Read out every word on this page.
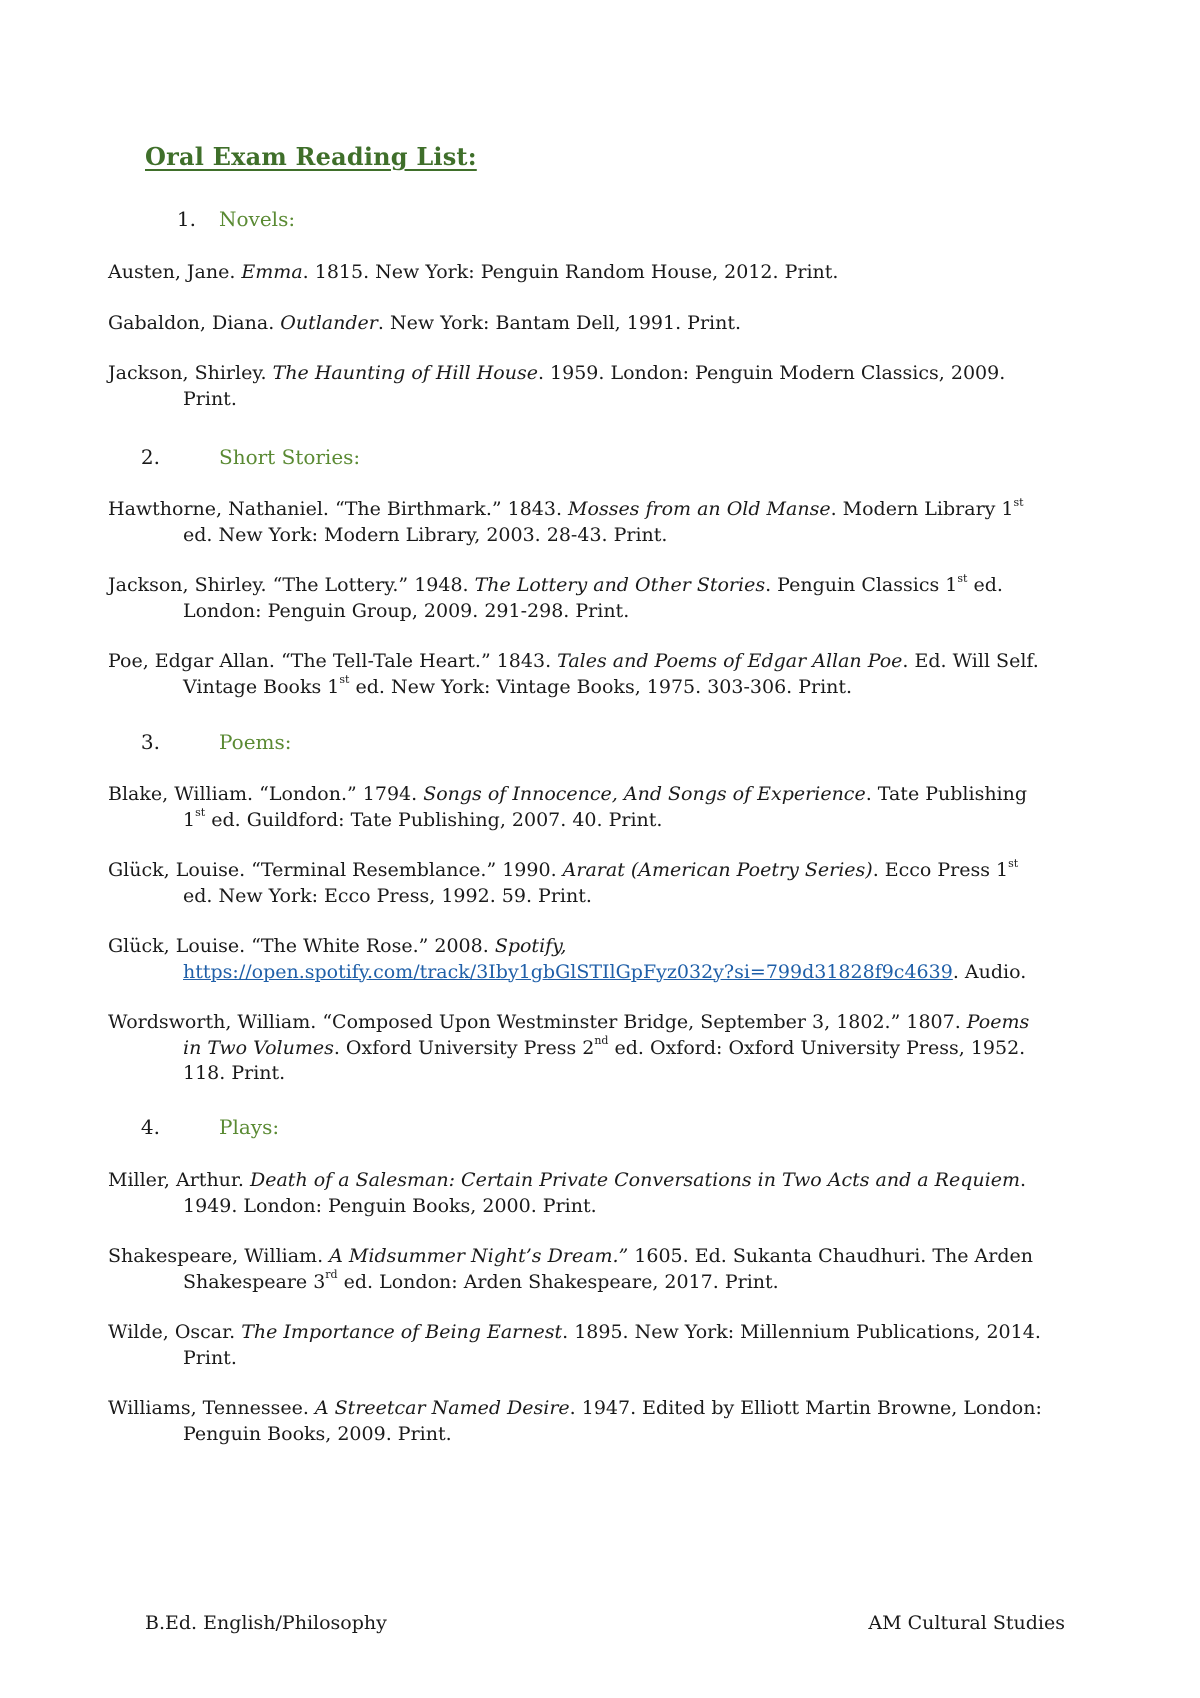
Oral Exam Reading List:
1. Novels:

Austen, Jane. Emma. 1815. New York: Penguin Random House, 2012. Print.

Gabaldon, Diana. Outlander. New York: Bantam Dell, 1991. Print.

Jackson, Shirley. The Haunting of Hill House. 1959. London: Penguin Modern Classics, 2009. Print.

2.	Short Stories:

Hawthorne, Nathaniel. “The Birthmark.” 1843. Mosses from an Old Manse. Modern Library 1st ed. New York: Modern Library, 2003. 28-43. Print.

Jackson, Shirley. “The Lottery.” 1948. The Lottery and Other Stories. Penguin Classics 1st ed. London: Penguin Group, 2009. 291-298. Print.

Poe, Edgar Allan. “The Tell-Tale Heart.” 1843. Tales and Poems of Edgar Allan Poe. Ed. Will Self. Vintage Books 1st ed. New York: Vintage Books, 1975. 303-306. Print.

3.	Poems:

Blake, William. “London.” 1794. Songs of Innocence, And Songs of Experience. Tate Publishing 1st ed. Guildford: Tate Publishing, 2007. 40. Print.

Glück, Louise. “Terminal Resemblance.” 1990. Ararat (American Poetry Series). Ecco Press 1st ed. New York: Ecco Press, 1992. 59. Print.

Glück, Louise. “The White Rose.” 2008. Spotify, https://open.spotify.com/track/3Iby1gbGlSTIlGpFyz032y?si=799d31828f9c4639. Audio.

Wordsworth, William. “Composed Upon Westminster Bridge, September 3, 1802.” 1807. Poems in Two Volumes. Oxford University Press 2nd ed. Oxford: Oxford University Press, 1952. 118. Print.

4.	Plays:

Miller, Arthur. Death of a Salesman: Certain Private Conversations in Two Acts and a Requiem. 1949. London: Penguin Books, 2000. Print.

Shakespeare, William. A Midsummer Night’s Dream.” 1605. Ed. Sukanta Chaudhuri. The Arden Shakespeare 3rd ed. London: Arden Shakespeare, 2017. Print.

Wilde, Oscar. The Importance of Being Earnest. 1895. New York: Millennium Publications, 2014. Print.

Williams, Tennessee. A Streetcar Named Desire. 1947. Edited by Elliott Martin Browne, London: Penguin Books, 2009. Print.

B.Ed. English/Philosophy	AM Cultural Studies
